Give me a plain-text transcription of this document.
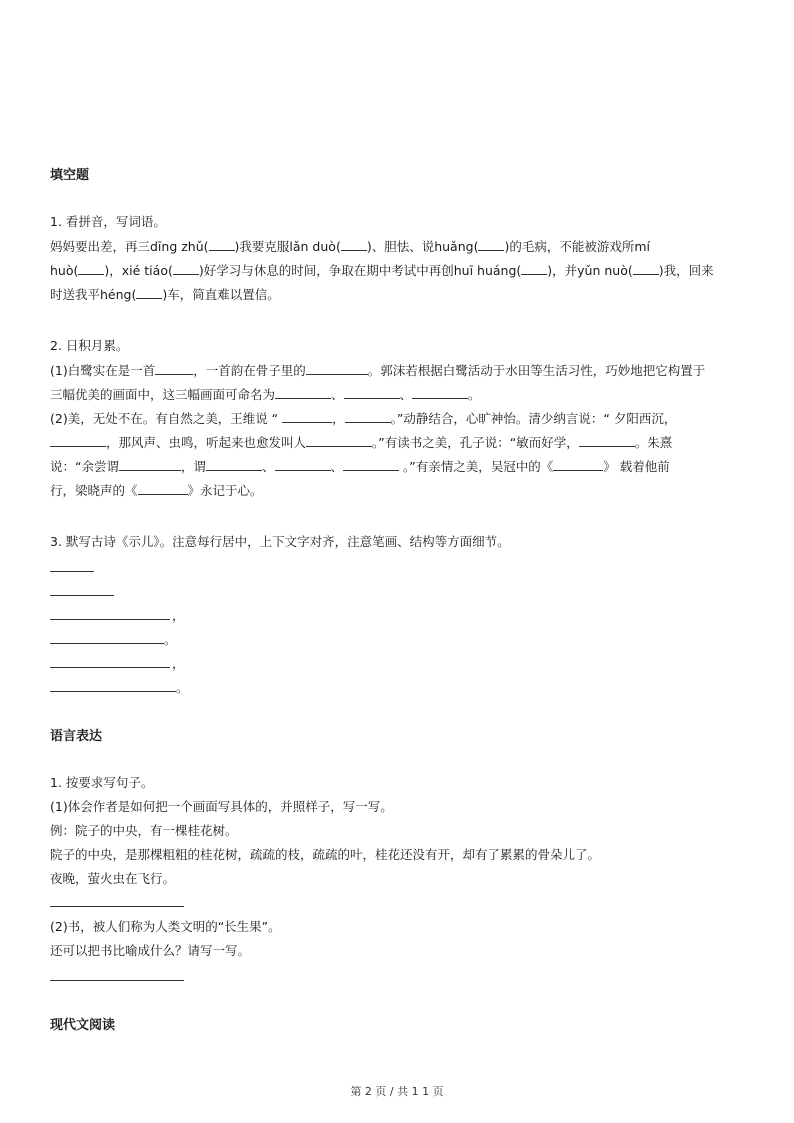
填空题
1. 看拼音，写词语。
妈妈要出差，再三dīng zhǔ( )我要克服lǎn duò( )、胆怯、说huǎng( )的毛病，不能被游戏所mí
huò( )，xié tiáo( )好学习与休息的时间，争取在期中考试中再创huī huáng( )，并yǔn nuò( )我，回来
时送我平héng( )车，简直难以置信。
2. 日积月累。
(1)白鹭实在是一首	，一首韵在骨子里的	。郭沫若根据白鹭活动于水田等生活习性，巧妙地把它构置于
三幅优美的画面中，这三幅画面可命名为	、	、	。
(2)美，无处不在。有自然之美，王维说 “	，	。”动静结合，心旷神怡。清少纳言说：“ 夕阳西沉，
，那风声、虫鸣，听起来也愈发叫人	。”有读书之美，孔子说：“敏而好学，	。朱熹
说：“余尝谓	，谓	、	、	。”有亲情之美，吴冠中的《	》 载着他前
行，梁晓声的《	》永记于心。
3. 默写古诗《示儿》。注意每行居中，上下文字对齐，注意笔画、结构等方面细节。
，
。
，
。
语言表达
1. 按要求写句子。
(1)体会作者是如何把一个画面写具体的，并照样子，写一写。
例：院子的中央，有一棵桂花树。
院子的中央，是那棵粗粗的桂花树，疏疏的枝，疏疏的叶，桂花还没有开，却有了累累的骨朵儿了。
夜晚，萤火虫在飞行。
(2)书，被人们称为人类文明的“长生果”。
还可以把书比喻成什么？请写一写。
现代文阅读
第 2 页 / 共 1 1 页
